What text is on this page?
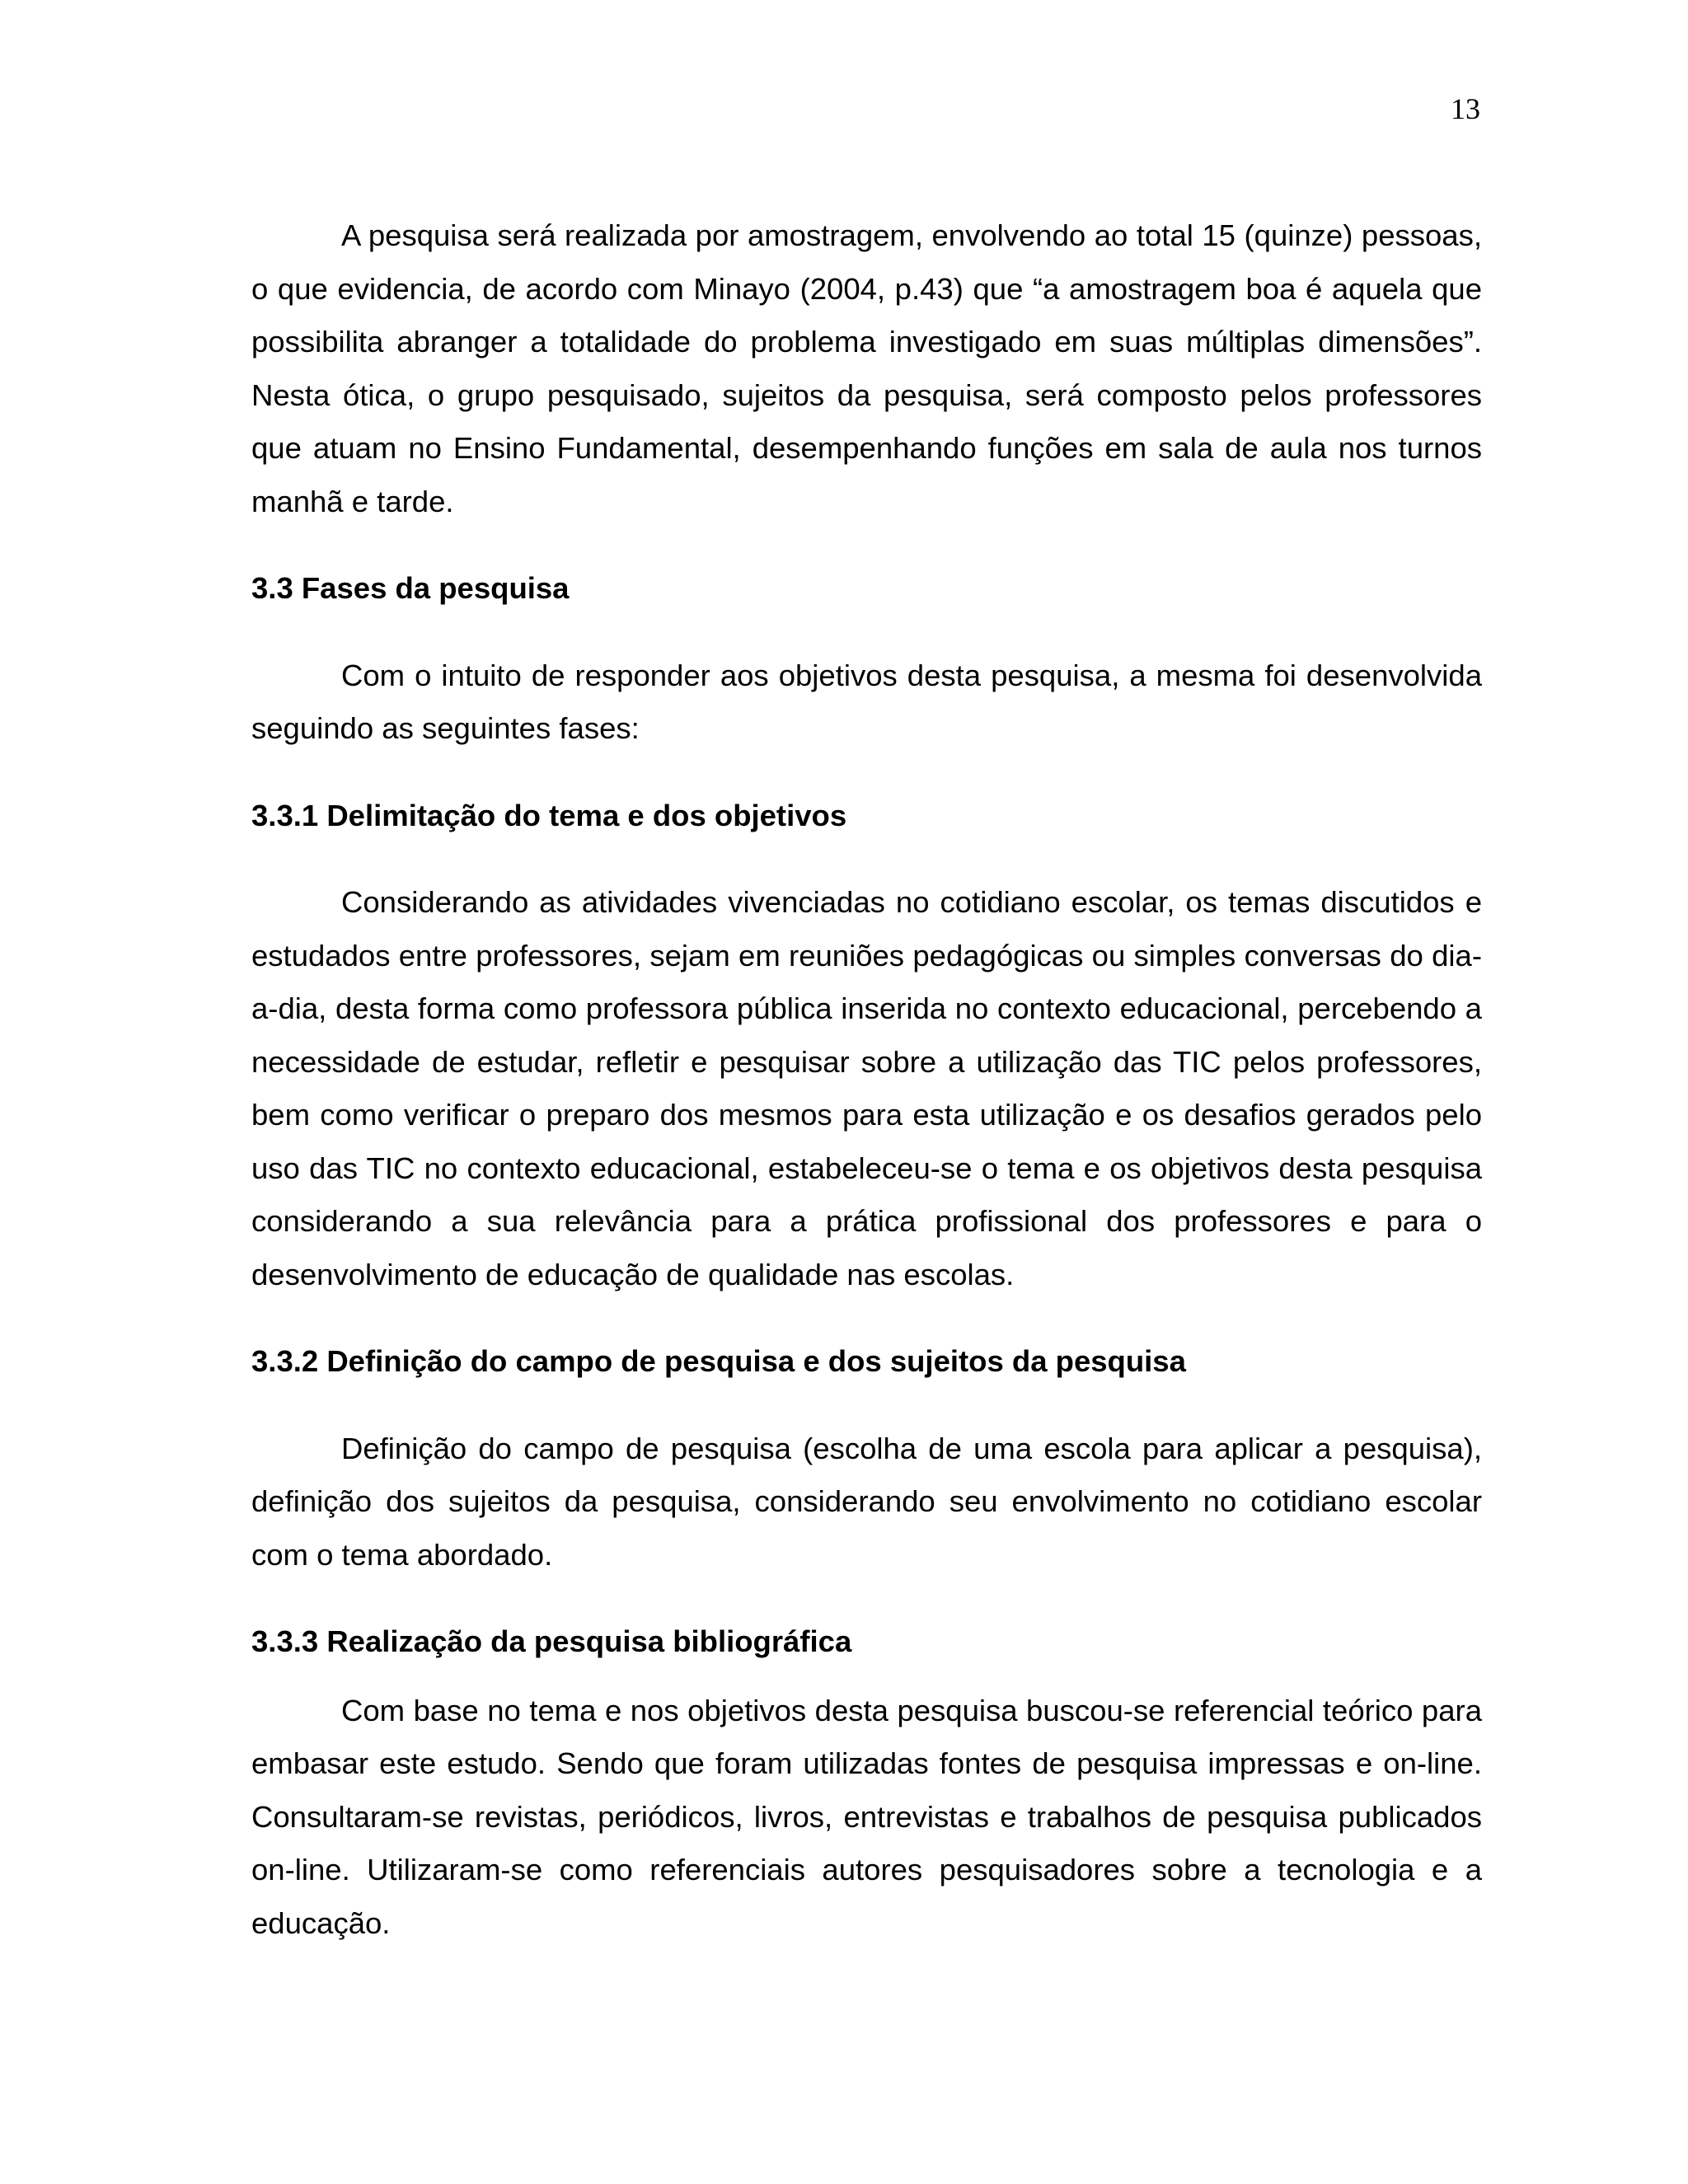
13

A pesquisa será realizada por amostragem, envolvendo ao total 15 (quinze) pessoas, o que evidencia, de acordo com Minayo (2004, p.43) que “a amostragem boa é aquela que possibilita abranger a totalidade do problema investigado em suas múltiplas dimensões”. Nesta ótica, o grupo pesquisado, sujeitos da pesquisa, será composto pelos professores que atuam no Ensino Fundamental, desempenhando funções em sala de aula nos turnos manhã e tarde.

3.3 Fases da pesquisa

Com o intuito de responder aos objetivos desta pesquisa, a mesma foi desenvolvida seguindo as seguintes fases:

3.3.1 Delimitação do tema e dos objetivos

Considerando as atividades vivenciadas no cotidiano escolar, os temas discutidos e estudados entre professores, sejam em reuniões pedagógicas ou simples conversas do dia-a-dia, desta forma como professora pública inserida no contexto educacional, percebendo a necessidade de estudar, refletir e pesquisar sobre a utilização das TIC pelos professores, bem como verificar o preparo dos mesmos para esta utilização e os desafios gerados pelo uso das TIC no contexto educacional, estabeleceu-se o tema e os objetivos desta pesquisa considerando a sua relevância para a prática profissional dos professores e para o desenvolvimento de educação de qualidade nas escolas.

3.3.2 Definição do campo de pesquisa e dos sujeitos da pesquisa

Definição do campo de pesquisa (escolha de uma escola para aplicar a pesquisa), definição dos sujeitos da pesquisa, considerando seu envolvimento no cotidiano escolar com o tema abordado.

3.3.3 Realização da pesquisa bibliográfica

Com base no tema e nos objetivos desta pesquisa buscou-se referencial teórico para embasar este estudo. Sendo que foram utilizadas fontes de pesquisa impressas e on-line. Consultaram-se revistas, periódicos, livros, entrevistas e trabalhos de pesquisa publicados on-line. Utilizaram-se como referenciais autores pesquisadores sobre a tecnologia e a educação.
